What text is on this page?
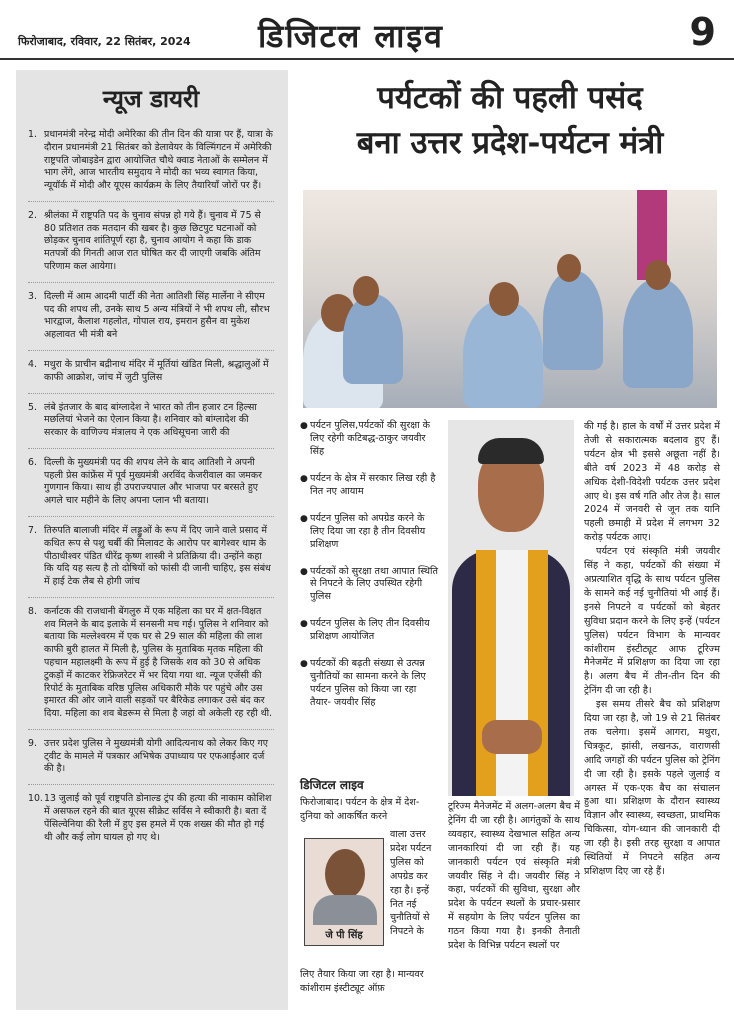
फिरोजाबाद, रविवार, 22 सितंबर, 2024 डिजिटल लाइव	9
न्यूज डायरी
1. प्रधानमंत्री नरेन्द्र मोदी अमेरिका की तीन दिन की यात्रा पर हैं, यात्रा के दौरान प्रधानमंत्री 21 सितंबर को डेलावेयर के विल्मिंगटन में अमेरिकी राष्ट्रपति जोबाइडेन द्वारा आयोजित चौथे क्वाड नेताओं के सम्मेलन में भाग लेंगे, आज भारतीय समुदाय ने मोदी का भव्य स्वागत किया, न्यूयॉर्क में मोदी और यूएस कार्यक्रम के लिए तैयारियाँ जोरों पर हैं।
2. श्रीलंका में राष्ट्रपति पद के चुनाव संपन्न हो गये हैं। चुनाव में 75 से 80 प्रतिशत तक मतदान की खबर है। कुछ छिटपुट घटनाओं को छोड़कर चुनाव शांतिपूर्ण रहा है, चुनाव आयोग ने कहा कि डाक मतपत्रों की गिनती आज रात घोषित कर दी जाएगी जबकि अंतिम परिणाम कल आयेगा।
3. दिल्ली में आम आदमी पार्टी की नेता आतिशी सिंह मार्लेना ने सीएम पद की शपथ ली, उनके साथ 5 अन्य मंत्रियों ने भी शपथ ली, सौरभ भारद्वाज, कैलाश गहलोत, गोपाल राय, इमरान हुसैन वा मुकेश अहलावत भी मंत्री बने
4. मथुरा के प्राचीन बद्रीनाथ मंदिर में मूर्तियां खंडित मिली, श्रद्धालुओं में काफी आक्रोश, जांच में जुटी पुलिस
5. लंबे इंतजार के बाद बांग्लादेश ने भारत को तीन हजार टन हिल्सा मछलियां भेजने का ऐलान किया है। शनिवार को बांग्लादेश की सरकार के वाणिज्य मंत्रालय ने एक अधिसूचना जारी की
6. दिल्ली के मुख्यमंत्री पद की शपथ लेने के बाद आतिशी ने अपनी पहली प्रेस कांफ्रेंस में पूर्व मुख्यमंत्री अरविंद केजरीवाल का जमकर गुणगान किया। साथ ही उपराज्यपाल और भाजपा पर बरसते हुए अगले चार महीने के लिए अपना प्लान भी बताया।
7. तिरुपति बालाजी मंदिर में लड्डुओं के रूप में दिए जाने वाले प्रसाद में कथित रूप से पशु चर्बी की मिलावट के आरोप पर बागेश्वर धाम के पीठाधीश्वर पंडित धीरेंद्र कृष्ण शास्त्री ने प्रतिक्रिया दी। उन्होंने कहा कि यदि यह सत्य है तो दोषियों को फांसी दी जानी चाहिए, इस संबंध में हाई टेक लैब से होगी जांच
8. कर्नाटक की राजधानी बेंगलुरु में एक महिला का घर में क्षत-विक्षत शव मिलने के बाद इलाके में सनसनी मच गई। पुलिस ने शनिवार को बताया कि मल्लेश्वरम में एक घर से 29 साल की महिला की लाश काफी बुरी हालत में मिली है, पुलिस के मुताबिक मृतक महिला की पहचान महालक्ष्मी के रूप में हुई है जिसके शव को 30 से अधिक टुकड़ों में काटकर रेफ्रिजरेटर में भर दिया गया था. न्यूज एजेंसी की रिपोर्ट के मुताबिक वरिष्ठ पुलिस अधिकारी मौके पर पहुंचे और उस इमारत की ओर जाने वाली सड़कों पर बैरिकेड लगाकर उसे बंद कर दिया. महिला का शव बेडरूम से मिला है जहां वो अकेली रह रही थी.
9. उत्तर प्रदेश पुलिस ने मुख्यमंत्री योगी आदित्यनाथ को लेकर किए गए ट्वीट के मामले में पत्रकार अभिषेक उपाध्याय पर एफआईआर दर्ज की है।
10. 13 जुलाई को पूर्व राष्ट्रपति डोनाल्ड ट्रंप की हत्या की नाकाम कोशिश में असफल रहने की बात यूएस सीक्रेट सर्विस ने स्वीकारी है। बता दें पेंसिल्वेनिया की रैली में हुए इस हमले में एक शख्स की मौत हो गई थी और कई लोग घायल हो गए थे।
पर्यटकों की पहली पसंद
बना उत्तर प्रदेश-पर्यटन मंत्री
● पर्यटन पुलिस,पर्यटकों की सुरक्षा के लिए रहेगी कटिबद्ध-ठाकुर जयवीर सिंह
● पर्यटन के क्षेत्र में सरकार लिख रही है नित नए आयाम
● पर्यटन पुलिस को अपग्रेड करने के लिए दिया जा रहा है तीन दिवसीय प्रशिक्षण
● पर्यटकों को सुरक्षा तथा आपात स्थिति से निपटने के लिए उपस्थित रहेगी पुलिस
● पर्यटन पुलिस के लिए तीन दिवसीय प्रशिक्षण आयोजित
● पर्यटकों की बढ़ती संख्या से उत्पन्न चुनौतियों का सामना करने के लिए पर्यटन पुलिस को किया जा रहा तैयार- जयवीर सिंह
डिजिटल लाइव
फिरोजाबाद। पर्यटन के क्षेत्र में देश-दुनिया को आकर्षित करने
जे पी सिंह
वाला उत्तर प्रदेश पर्यटन पुलिस को अपग्रेड कर रहा है। इन्हें नित नई चुनौतियों से निपटने के
लिए तैयार किया जा रहा है। मान्यवर कांशीराम इंस्टीट्यूट ऑफ़
टूरिज्म मैनेजमेंट में अलग-अलग बैच में ट्रेनिंग दी जा रही है। आगंतुकों के साथ व्यवहार, स्वास्थ्य देखभाल सहित अन्य जानकारियां दी जा रही हैं। यह जानकारी पर्यटन एवं संस्कृति मंत्री जयवीर सिंह ने दी। जयवीर सिंह ने कहा, पर्यटकों की सुविधा, सुरक्षा और प्रदेश के पर्यटन स्थलों के प्रचार-प्रसार में सहयोग के लिए पर्यटन पुलिस का गठन किया गया है। इनकी तैनाती प्रदेश के विभिन्न पर्यटन स्थलों पर

की गई है। हाल के वर्षों में उत्तर प्रदेश में तेजी से सकारात्मक बदलाव हुए हैं। पर्यटन क्षेत्र भी इससे अछूता नहीं है। बीते वर्ष 2023 में 48 करोड़ से अधिक देशी-विदेशी पर्यटक उत्तर प्रदेश आए थे। इस वर्ष गति और तेज है। साल 2024 में जनवरी से जून तक यानि पहली छमाही में प्रदेश में लगभग 32 करोड़ पर्यटक आए।

पर्यटन एवं संस्कृति मंत्री जयवीर सिंह ने कहा, पर्यटकों की संख्या में अप्रत्याशित वृद्धि के साथ पर्यटन पुलिस के सामने कई नई चुनौतियां भी आई हैं। इनसे निपटने व पर्यटकों को बेहतर सुविधा प्रदान करने के लिए इन्हें (पर्यटन पुलिस) पर्यटन विभाग के मान्यवर कांशीराम इंस्टीट्यूट आफ टूरिज्म मैनेजमेंट में प्रशिक्षण का दिया जा रहा है। अलग बैच में तीन-तीन दिन की ट्रेनिंग दी जा रही है।

इस समय तीसरे बैच को प्रशिक्षण दिया जा रहा है, जो 19 से 21 सितंबर तक चलेगा। इसमें आगरा, मथुरा, चित्रकूट, झांसी, लखनऊ, वाराणसी आदि जगहों की पर्यटन पुलिस को ट्रेनिंग दी जा रही है। इसके पहले जुलाई व अगस्त में एक-एक बैच का संचालन हुआ था। प्रशिक्षण के दौरान स्वास्थ्य विज्ञान और स्वास्थ्य, स्वच्छता, प्राथमिक चिकित्सा, योग-ध्यान की जानकारी दी जा रही है। इसी तरह सुरक्षा व आपात स्थितियों में निपटने सहित अन्य प्रशिक्षण दिए जा रहे हैं।
